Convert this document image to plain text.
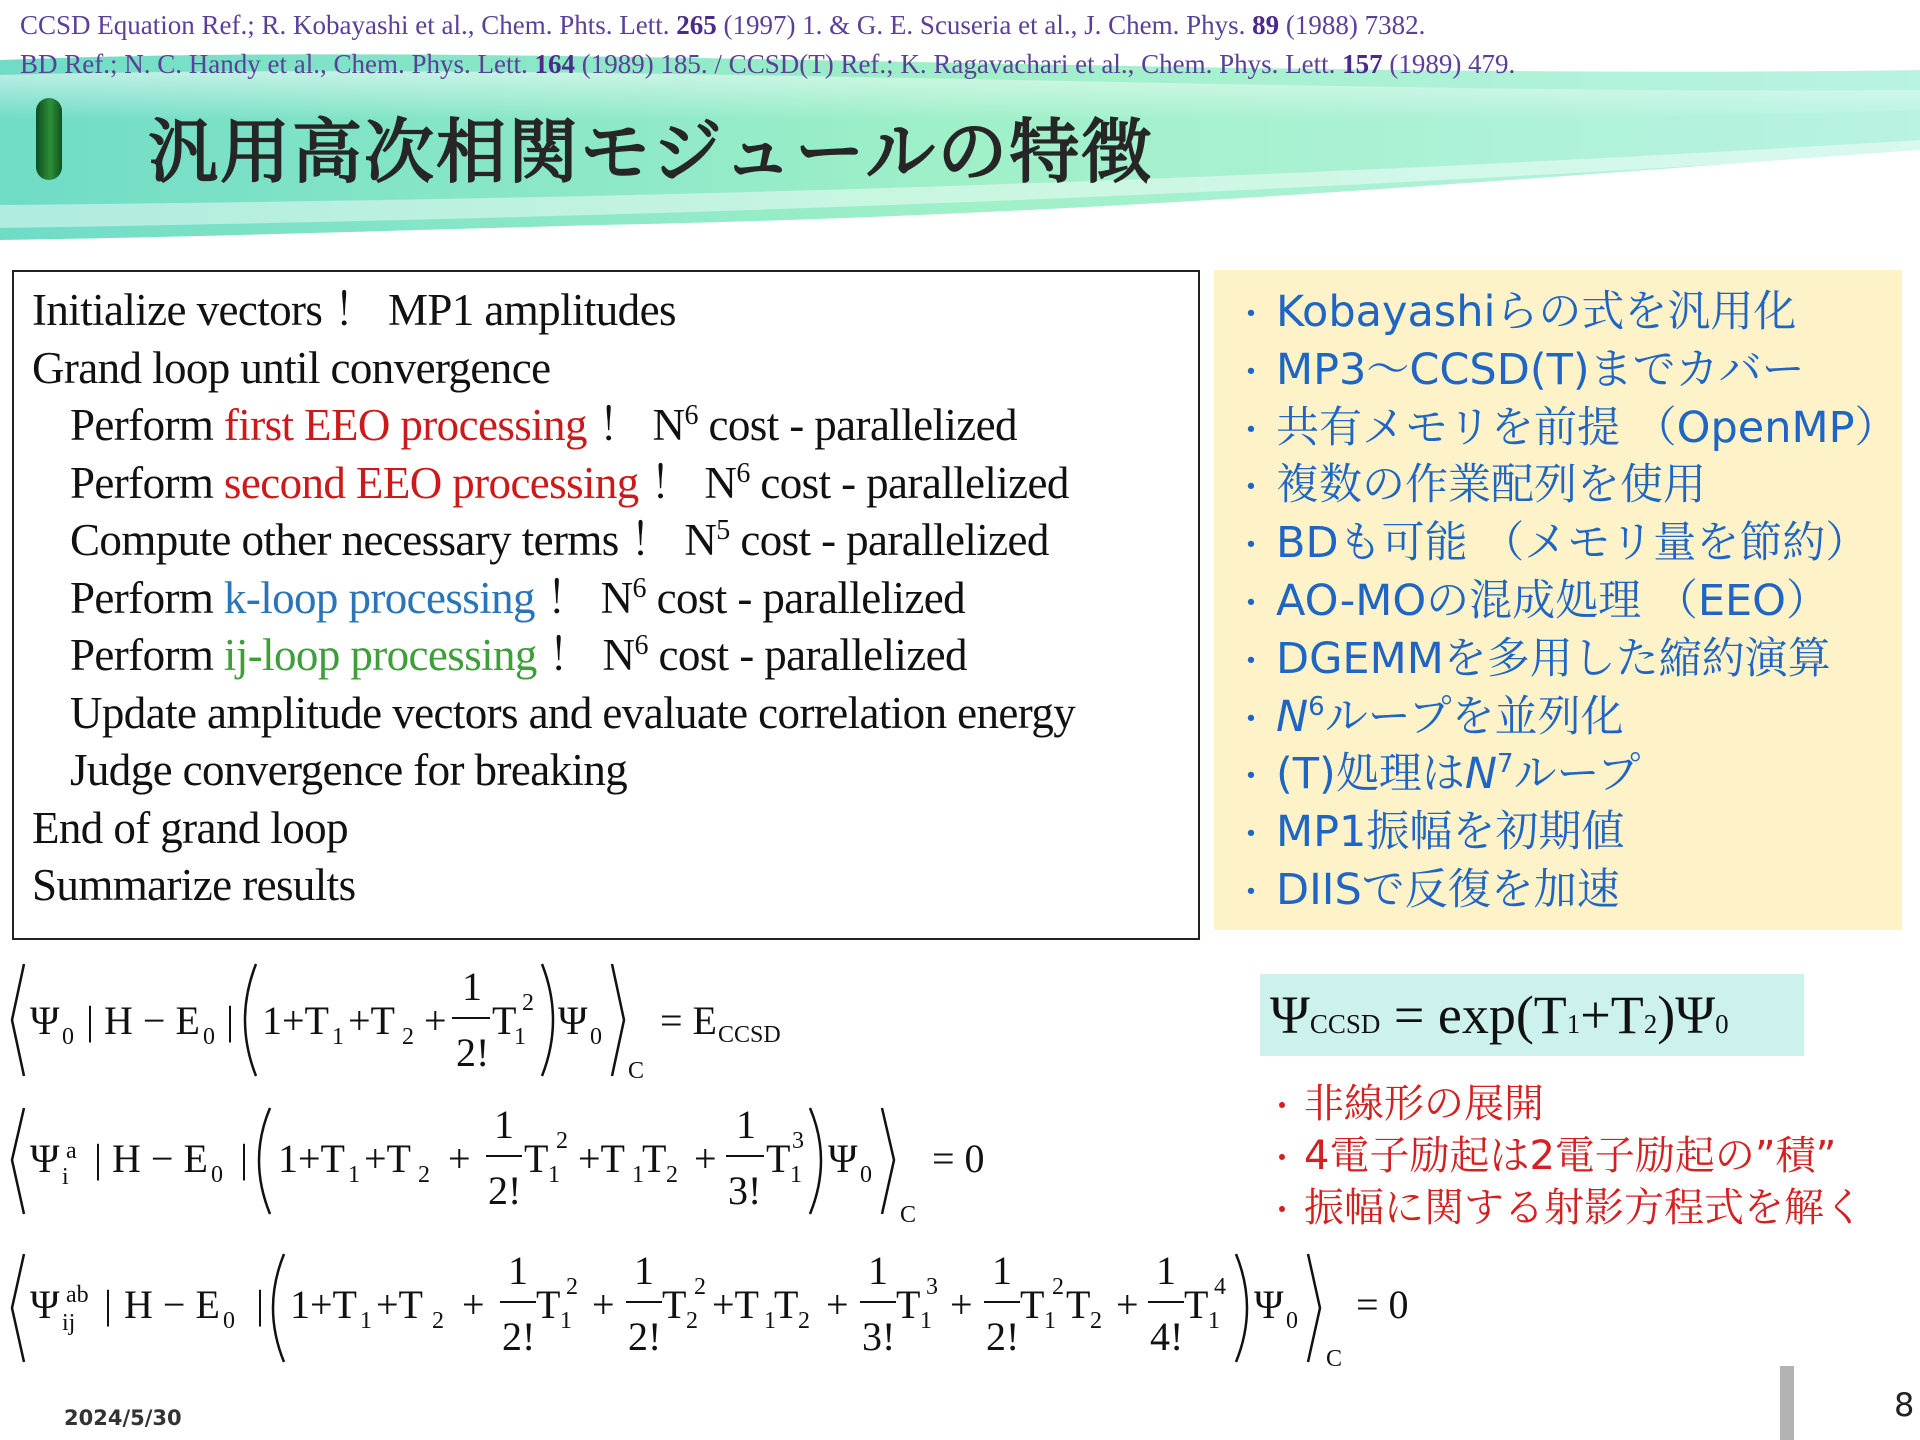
CCSD Equation Ref.; R. Kobayashi et al., Chem. Phts. Lett. 265 (1997) 1. & G. E. Scuseria et al., J. Chem. Phys. 89 (1988) 7382.
BD Ref.; N. C. Handy et al., Chem. Phys. Lett. 164 (1989) 185. / CCSD(T) Ref.; K. Ragavachari et al., Chem. Phys. Lett. 157 (1989) 479.
汎用高次相関モジュールの特徴
Initialize vectors ！ MP1 amplitudes
Grand loop until convergence
Perform first EEO processing ！ $N^6$ cost - parallelized
Perform second EEO processing ！ $N^6$ cost - parallelized
Compute other necessary terms ！ $N^5$ cost - parallelized
Perform k-loop processing ！ $N^6$ cost - parallelized
Perform ij-loop processing ！ $N^6$ cost - parallelized
Update amplitude vectors and evaluate correlation energy
Judge convergence for breaking
End of grand loop
Summarize results
・ Kobayashiらの式を汎用化
・ MP3～CCSD(T)までカバー
・ 共有メモリを前提 （OpenMP）
・ 複数の作業配列を使用
・ BDも可能 （メモリ量を節約）
・ AO-MOの混成処理 （EEO）
・ DGEMMを多用した縮約演算
・ $N^6$ループを並列化
・ (T)処理は$N^7$ループ
・ MP1振幅を初期値
・ DIISで反復を加速
ΨCCSD = exp(T1+T2)Ψ0
・ 非線形の展開
・ 4電子励起は2電子励起の”積”
・ 振幅に関する射影方程式を解く
Ψ 0 | H − E 0 | 1+T 1 +T 2 +
1
2!
T
1
2 Ψ 0
C
= E CCSD
Ψ i
a | H − E 0 | 1+T 1 +T 2 +
1
2!
T 1
2 +T 1
T 2 +
1
3!
T 1
3 Ψ 0
C
= 0
Ψ ij
ab | H − E 0 | 1+T 1 +T 2 +
1
2!
T 1
2 +
1
2!
T 2
2 +T 1
T 2 +
1
3!
T 1
3 +
1
2!
T 1
2 T 2 +
1
4!
T 1
4 Ψ 0
C
= 0
2024/5/30	8
